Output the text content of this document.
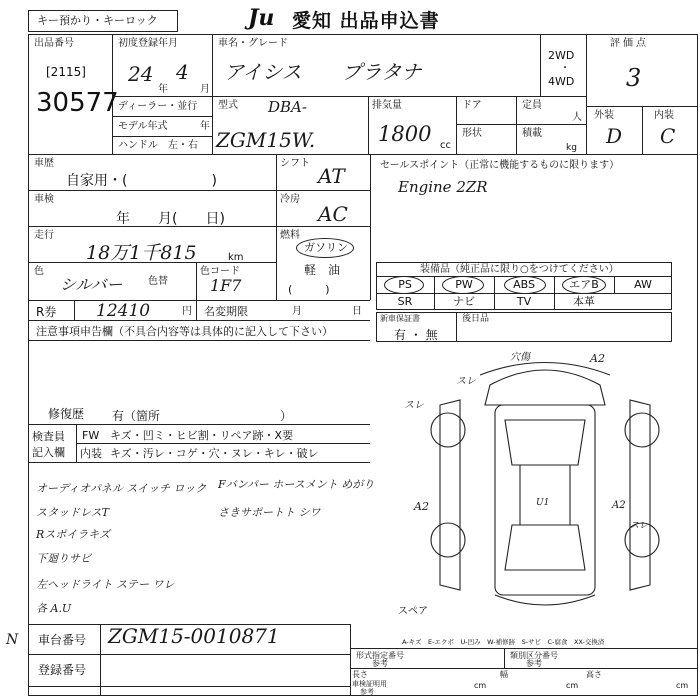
キー預かり・キーロック	Ju 愛知 出品申込書
出品番号
[2115]
30577
初度登録年月
24
年
4
月
車名・グレード
アイシス　　プラタナ
2WD
・
4WD
評価点
3
ディーラー・並行
モデル年式	年
ハンドル　左・右
型式 DBA-
ZGM15W.
排気量
1800 cc
ドア
形状
定員
人
積載
kg
外装	内装
D C
車歴
自家用・(　　　　　　)
シフト
AT
車検
年　　月(　　日)
冷房
AC
走行
18万1千815	km
燃料
ガソリン
軽　油
(　　　)
色
シルバー	色替
色コード
1F7
R券 12410	円 名変期限	月	日
注意事項申告欄（不具合内容等は具体的に記入して下さい）
セールスポイント（正常に機能するものに限ります）
Engine 2ZR
装備品（純正品に限り○をつけてください）
PS	PW	ABS	エアB	AW
SR	ナビ	TV	本革
新車保証書
有 ・ 無
後日品
修復歴 有（箇所　　　　　　　　　　）
検査員
記入欄
FW キズ・凹ミ・ヒビ割・リペア跡・X要
内装 キズ・汚レ・コゲ・穴・ヌレ・キレ・破レ
オーディオパネル スイッチ ロック Fバンパー ホースメント めがり
スタッドレスT	さきサポートト シワ
Rスポイラキズ
下廻りサビ
左ヘッドライト ステー ワレ
各 A.U
穴傷	A2
スレ
スレ
スレ
A2	A2
U1
スペア
A-キズ　E-エクボ　U-凹み　W-補修跡　S-サビ　C-腐食　XX-交換済
車台番号 ZGM15-0010871
登録番号
形式指定番号
参考
類別区分番号
参考
長さ
cm
幅
cm
高さ
cm
車検証明用
参考
N
